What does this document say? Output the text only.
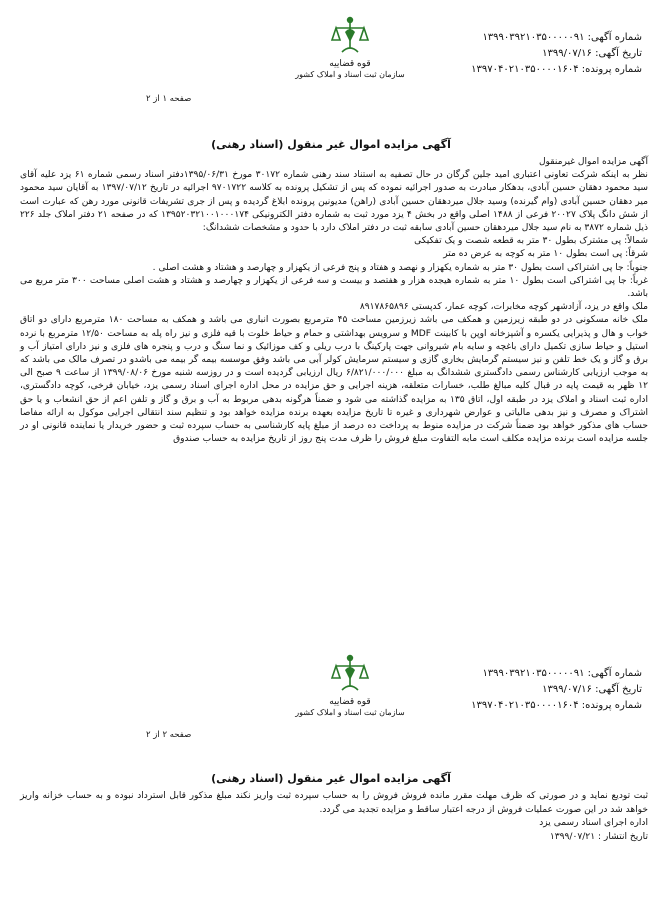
شماره آگهی: ۱۳۹۹۰۳۹۲۱۰۳۵۰۰۰۰۰۹۱
تاریخ آگهی: ۱۳۹۹/۰۷/۱۶
شماره پرونده: ۱۳۹۷۰۴۰۲۱۰۳۵۰۰۰۰۱۶۰۴
قوه قضاییه
سازمان ثبت اسناد و املاک کشور
صفحه ۱ از ۲
آگهی مزایده اموال غیر منقول (اسناد رهنی)

آگهی مزایده اموال غیرمنقول

نظر به اینکه شرکت تعاونی اعتباری امید جلین گرگان در حال تصفیه به استناد سند رهنی شماره ۳۰۱۷۲ مورخ ۱۳۹۵/۰۶/۳۱دفتر اسناد رسمی شماره ۶۱ یزد علیه آقای سید محمود دهقان حسین آبادی، بدهکار مبادرت به صدور اجرائیه نموده که پس از تشکیل پرونده به کلاسه ۹۷۰۱۷۲۲ اجرائیه در تاریخ ۱۳۹۷/۰۷/۱۲ به آقایان سید محمود میر دهقان حسین آبادی (وام گیرنده) وسید جلال میردهقان حسین آبادی (راهن) مدیونین پرونده ابلاغ گردیده و پس از جری تشریفات قانونی مورد رهن که عبارت است از شش دانگ پلاک ۲۰۰۲۷ فرعی از ۱۴۸۸ اصلی واقع در بخش ۴ یزد مورد ثبت به شماره دفتر الکترونیکی ۱۳۹۵۲۰۳۲۱۰۰۱۰۰۰۱۷۴ که در صفحه ۲۱ دفتر املاک جلد ۲۲۶ ذیل شماره ۳۸۷۲ به نام سید جلال میردهقان حسین آبادی سابقه ثبت در دفتر املاک دارد با حدود و مشخصات ششدانگ:

شمالاً: پی مشترک بطول ۳۰ متر به قطعه شصت و یک تفکیکی

شرقاً: پی است بطول ۱۰ متر به کوچه به عرض ده متر

جنوباً: جا پی اشتراکی است بطول ۳۰ متر به شماره یکهزار و نهصد و هفتاد و پنج فرعی از یکهزار و چهارصد و هشتاد و هشت اصلی .

غرباً: جا پی اشتراکی است بطول ۱۰ متر به شماره هیجده هزار و هفتصد و بیست و سه فرعی از یکهزار و چهارصد و هشتاد و هشت اصلی مساحت ۳۰۰ متر مربع می باشد.

ملک واقع در یزد، آزادشهر کوچه مخابرات، کوچه عمار، کدپستی ۸۹۱۷۸۶۵۸۹۶

ملک خانه مسکونی در دو طبقه زیرزمین و همکف می باشد زیرزمین مساحت ۴۵ مترمربع بصورت انباری می باشد و همکف به مساحت ۱۸۰ مترمربع دارای دو اتاق خواب و هال و پذیرایی یکسره و آشپزخانه اوپن با کابینت MDF و سرویس بهداشتی و حمام و حیاط خلوت با قیه فلزی و نیز راه پله به مساحت ۱۲/۵۰ مترمربع با نرده استیل و حیاط سازی تکمیل دارای باغچه و سایه بام شیروانی جهت پارکینگ با درب ریلی و کف موزائیک و نما سنگ و درب و پنجره های فلزی و نیز دارای امتیاز آب و برق و گاز و یک خط تلفن و نیز سیستم گرمایش بخاری گازی و سیستم سرمایش کولر آبی می باشد وفق موسسه بیمه گر بیمه می باشدو در تصرف مالک می باشد که به موجب ارزیابی کارشناس رسمی دادگستری ششدانگ به مبلغ ۶/۸۲۱/۰۰۰/۰۰۰ ریال ارزیابی گردیده است و در روزسه شنبه مورخ ۱۳۹۹/۰۸/۰۶ از ساعت ۹ صبح الی ۱۲ ظهر به قیمت پایه در قبال کلیه مبالغ طلب، خسارات متعلقه، هزینه اجرایی و حق مزایده در محل اداره اجرای اسناد رسمی یزد، خیابان فرخی، کوچه دادگستری، اداره ثبت اسناد و املاک یزد در طبقه اول، اتاق ۱۳۵ به مزایده گذاشته می شود و ضمناً هرگونه بدهی مربوط به آب و برق و گاز و تلفن اعم از حق انشعاب و یا حق اشتراک و مصرف و نیز بدهی مالیاتی و عوارض شهرداری و غیره تا تاریخ مزایده بعهده برنده مزایده خواهد بود و تنظیم سند انتقالی اجرایی موکول به ارائه مفاصا حساب های مذکور خواهد بود ضمناً شرکت در مزایده منوط به پرداخت ده درصد از مبلغ پایه کارشناسی به حساب سپرده ثبت و حضور خریدار یا نماینده قانونی او در جلسه مزایده است برنده مزایده مکلف است مابه التفاوت مبلغ فروش را ظرف مدت پنج روز از تاریخ مزایده به حساب صندوق

شماره آگهی: ۱۳۹۹۰۳۹۲۱۰۳۵۰۰۰۰۰۹۱
تاریخ آگهی: ۱۳۹۹/۰۷/۱۶
شماره پرونده: ۱۳۹۷۰۴۰۲۱۰۳۵۰۰۰۰۱۶۰۴
قوه قضاییه
سازمان ثبت اسناد و املاک کشور
صفحه ۲ از ۲
آگهی مزایده اموال غیر منقول (اسناد رهنی)

ثبت تودیع نماید و در صورتی که ظرف مهلت مقرر مانده فروش فروش را به حساب سپرده ثبت واریز نکند مبلغ مذکور قابل استرداد نبوده و به حساب خزانه واریز خواهد شد در این صورت عملیات فروش از درجه اعتبار ساقط و مزایده تجدید می گردد.

اداره اجرای اسناد رسمی یزد

تاریخ انتشار : ۱۳۹۹/۰۷/۲۱
